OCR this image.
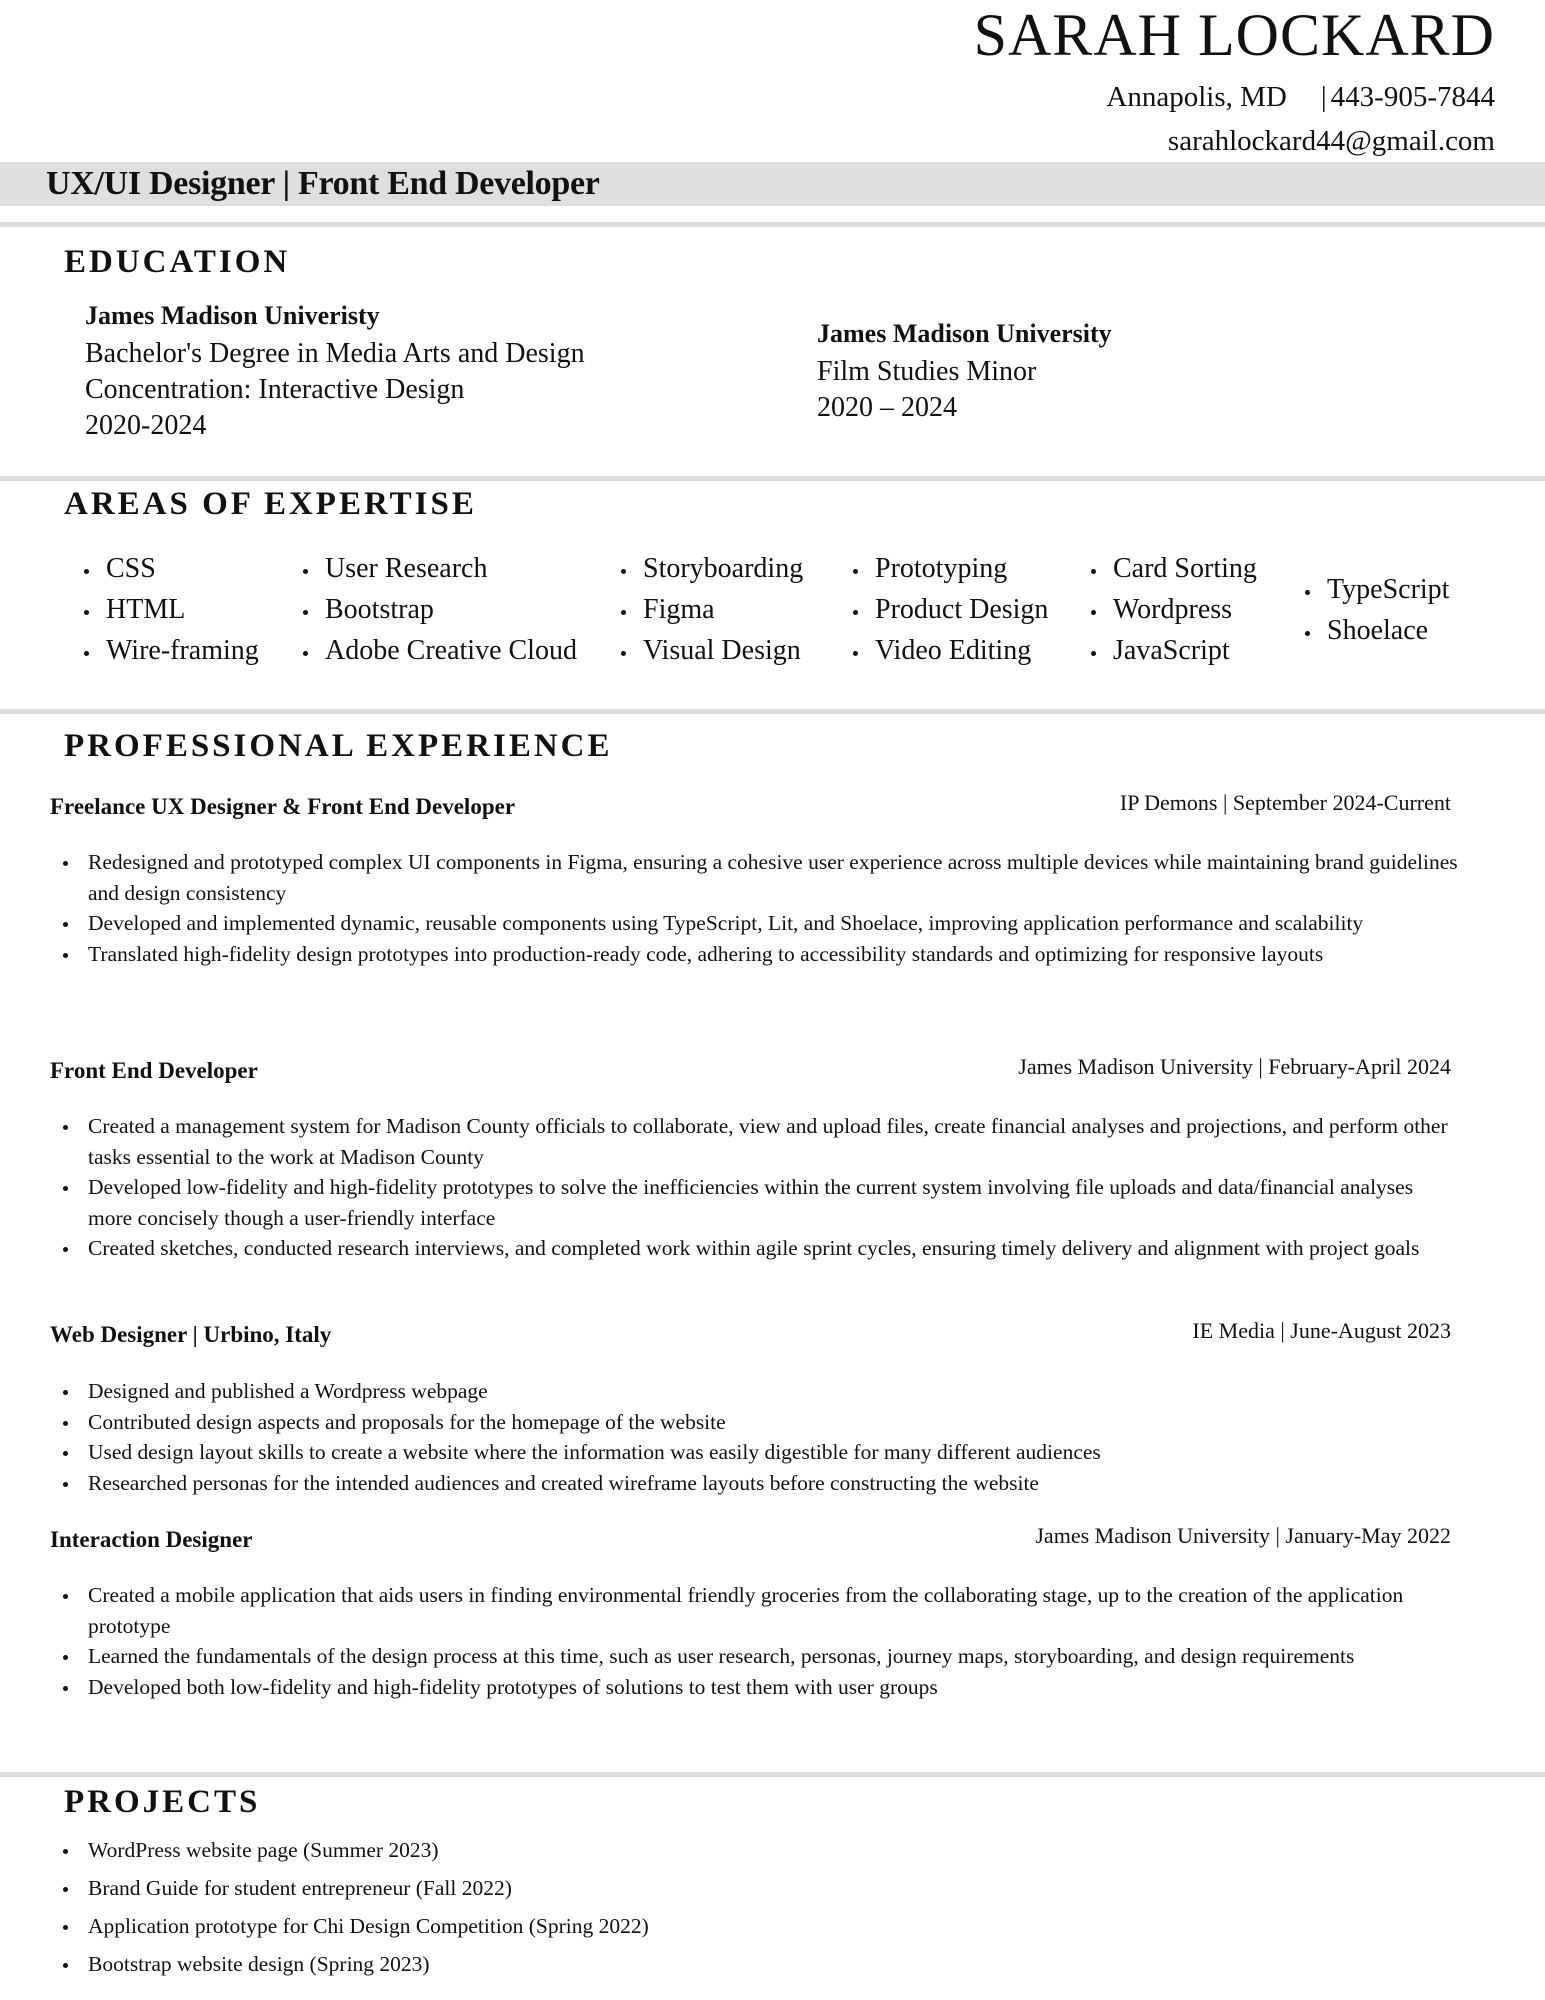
SARAH LOCKARD
Annapolis, MD | 443-905-7844
sarahlockard44@gmail.com
UX/UI Designer | Front End Developer
EDUCATION
James Madison Univeristy
Bachelor's Degree in Media Arts and Design
Concentration: Interactive Design
2020-2024
James Madison University
Film Studies Minor
2020 – 2024
AREAS OF EXPERTISE
CSS
HTML
Wire-framing
User Research
Bootstrap
Adobe Creative Cloud
Storyboarding
Figma
Visual Design
Prototyping
Product Design
Video Editing
Card Sorting
Wordpress
JavaScript
TypeScript
Shoelace
PROFESSIONAL EXPERIENCE
Freelance UX Designer & Front End Developer	IP Demons | September 2024-Current
Redesigned and prototyped complex UI components in Figma, ensuring a cohesive user experience across multiple devices while maintaining brand guidelines and design consistency
Developed and implemented dynamic, reusable components using TypeScript, Lit, and Shoelace, improving application performance and scalability
Translated high-fidelity design prototypes into production-ready code, adhering to accessibility standards and optimizing for responsive layouts
Front End Developer	James Madison University | February-April 2024
Created a management system for Madison County officials to collaborate, view and upload files, create financial analyses and projections, and perform other tasks essential to the work at Madison County
Developed low-fidelity and high-fidelity prototypes to solve the inefficiencies within the current system involving file uploads and data/financial analyses more concisely though a user-friendly interface
Created sketches, conducted research interviews, and completed work within agile sprint cycles, ensuring timely delivery and alignment with project goals
Web Designer | Urbino, Italy	IE Media | June-August 2023
Designed and published a Wordpress webpage
Contributed design aspects and proposals for the homepage of the website
Used design layout skills to create a website where the information was easily digestible for many different audiences
Researched personas for the intended audiences and created wireframe layouts before constructing the website
Interaction Designer	James Madison University | January-May 2022
Created a mobile application that aids users in finding environmental friendly groceries from the collaborating stage, up to the creation of the application prototype
Learned the fundamentals of the design process at this time, such as user research, personas, journey maps, storyboarding, and design requirements
Developed both low-fidelity and high-fidelity prototypes of solutions to test them with user groups
PROJECTS
WordPress website page (Summer 2023)
Brand Guide for student entrepreneur (Fall 2022)
Application prototype for Chi Design Competition (Spring 2022)
Bootstrap website design (Spring 2023)
